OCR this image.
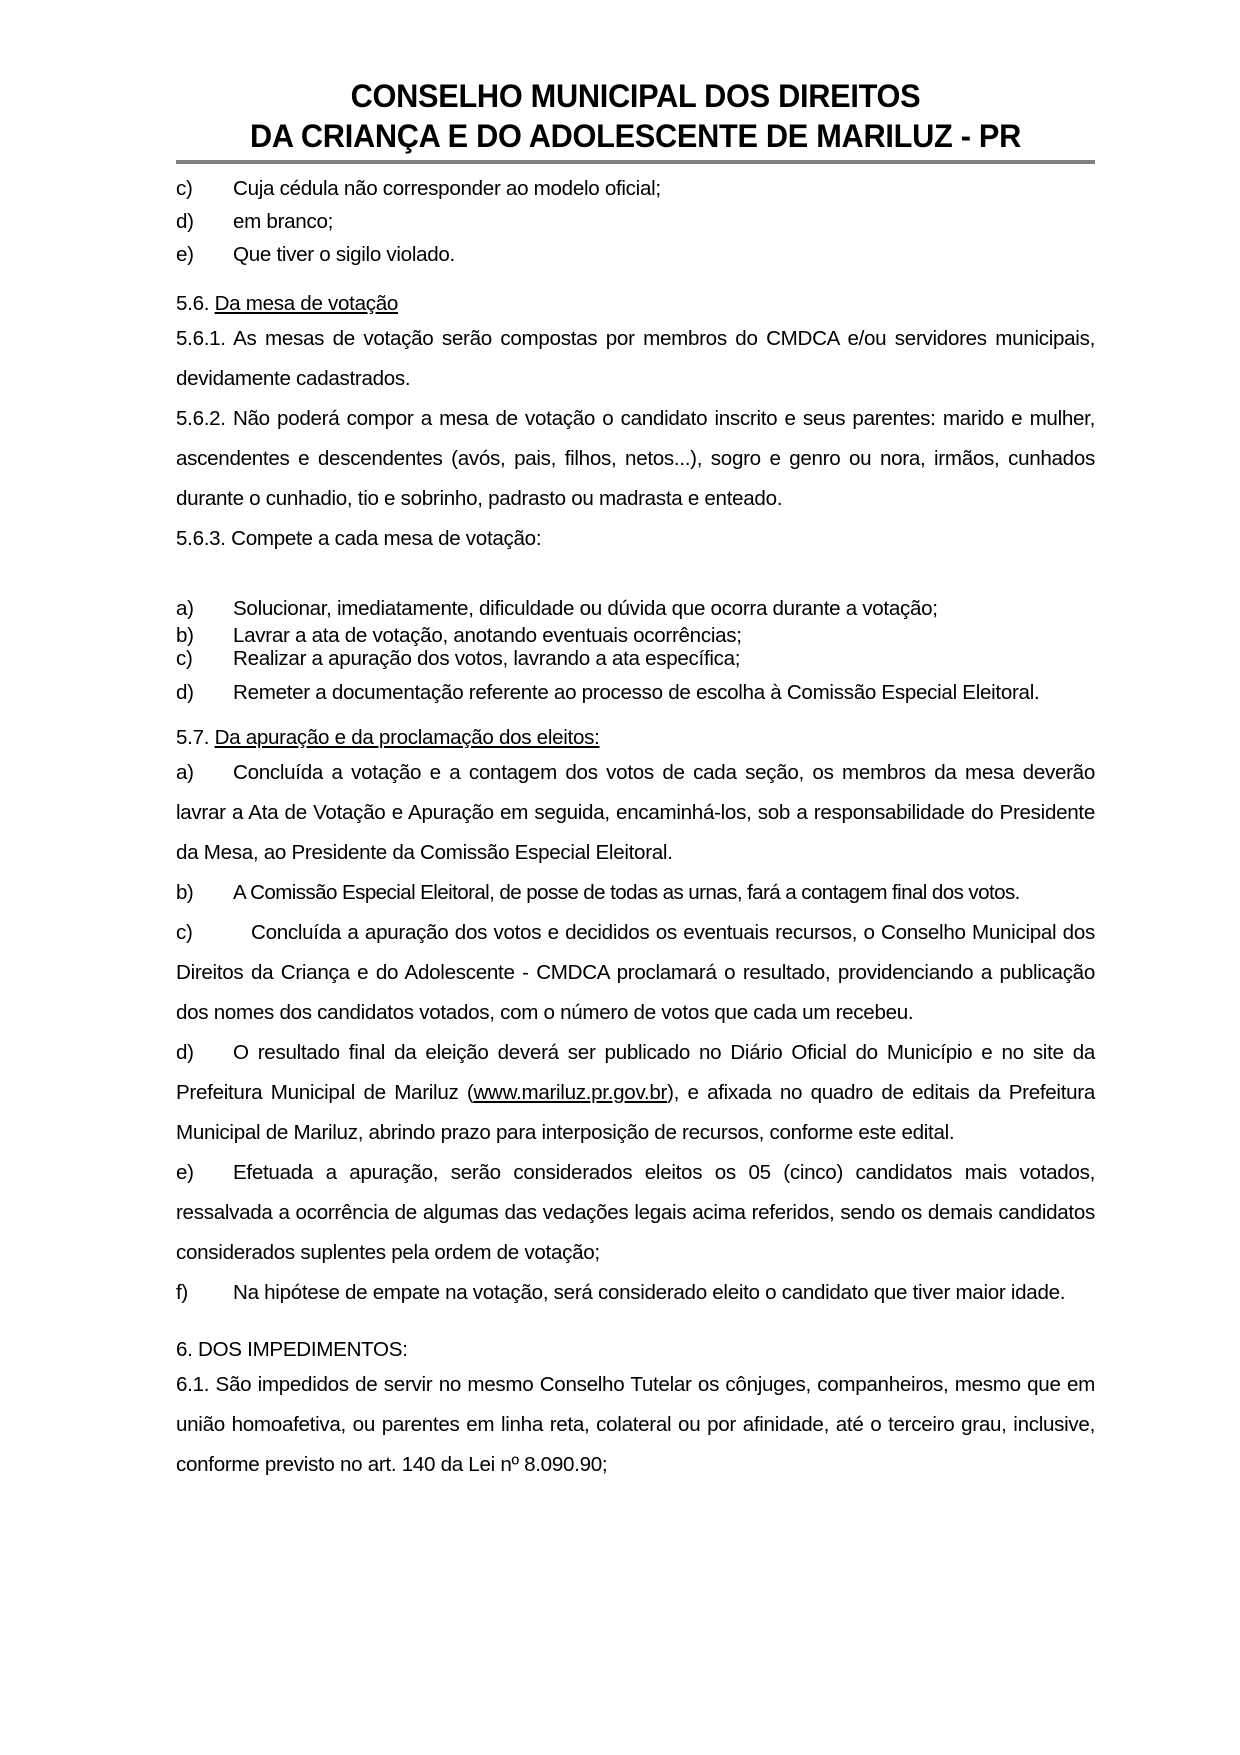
CONSELHO MUNICIPAL DOS DIREITOS
DA CRIANÇA E DO ADOLESCENTE DE MARILUZ - PR
c) Cuja cédula não corresponder ao modelo oficial;
d) em branco;
e) Que tiver o sigilo violado.
5.6. Da mesa de votação

5.6.1. As mesas de votação serão compostas por membros do CMDCA e/ou servidores municipais, devidamente cadastrados.

5.6.2. Não poderá compor a mesa de votação o candidato inscrito e seus parentes: marido e mulher, ascendentes e descendentes (avós, pais, filhos, netos...), sogro e genro ou nora, irmãos, cunhados durante o cunhadio, tio e sobrinho, padrasto ou madrasta e enteado.

5.6.3. Compete a cada mesa de votação:

a) Solucionar, imediatamente, dificuldade ou dúvida que ocorra durante a votação;
b) Lavrar a ata de votação, anotando eventuais ocorrências;
c) Realizar a apuração dos votos, lavrando a ata específica;
d) Remeter a documentação referente ao processo de escolha à Comissão Especial Eleitoral.
5.7. Da apuração e da proclamação dos eleitos:

a) Concluída a votação e a contagem dos votos de cada seção, os membros da mesa deverão lavrar a Ata de Votação e Apuração em seguida, encaminhá-los, sob a responsabilidade do Presidente da Mesa, ao Presidente da Comissão Especial Eleitoral.

b) A Comissão Especial Eleitoral, de posse de todas as urnas, fará a contagem final dos votos.

c)	Concluída a apuração dos votos e decididos os eventuais recursos, o Conselho Municipal dos Direitos da Criança e do Adolescente - CMDCA proclamará o resultado, providenciando a publicação dos nomes dos candidatos votados, com o número de votos que cada um recebeu.

d) O resultado final da eleição deverá ser publicado no Diário Oficial do Município e no site da Prefeitura Municipal de Mariluz (www.mariluz.pr.gov.br), e afixada no quadro de editais da Prefeitura Municipal de Mariluz, abrindo prazo para interposição de recursos, conforme este edital.

e) Efetuada a apuração, serão considerados eleitos os 05 (cinco) candidatos mais votados, ressalvada a ocorrência de algumas das vedações legais acima referidos, sendo os demais candidatos considerados suplentes pela ordem de votação;

f) Na hipótese de empate na votação, será considerado eleito o candidato que tiver maior idade.

6. DOS IMPEDIMENTOS:

6.1. São impedidos de servir no mesmo Conselho Tutelar os cônjuges, companheiros, mesmo que em união homoafetiva, ou parentes em linha reta, colateral ou por afinidade, até o terceiro grau, inclusive, conforme previsto no art. 140 da Lei nº 8.090.90;
